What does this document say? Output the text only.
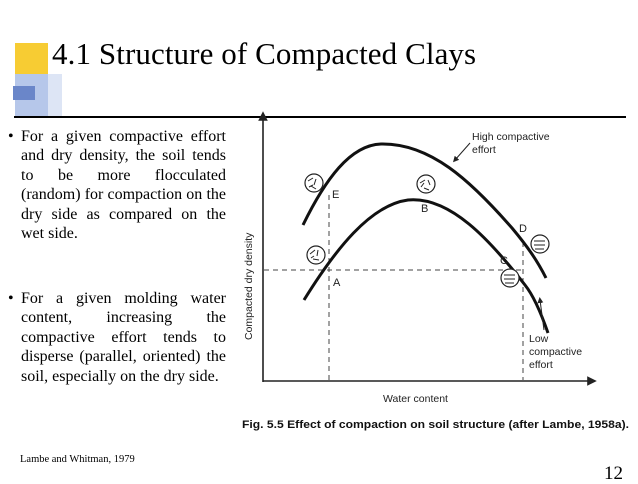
4.1 Structure of Compacted Clays
• For a given compactive effort and dry density, the soil tends to be more flocculated (random) for compaction on the dry side as compared on the wet side.
• For a given molding water content, increasing the compactive effort tends to disperse (parallel, oriented) the soil, especially on the dry side.
Compacted dry density
Water content
High compactive
effort
Low
compactive
effort
E
B
D
C
A
Fig. 5.5 Effect of compaction on soil structure (after Lambe, 1958a).
Lambe and Whitman, 1979
12
